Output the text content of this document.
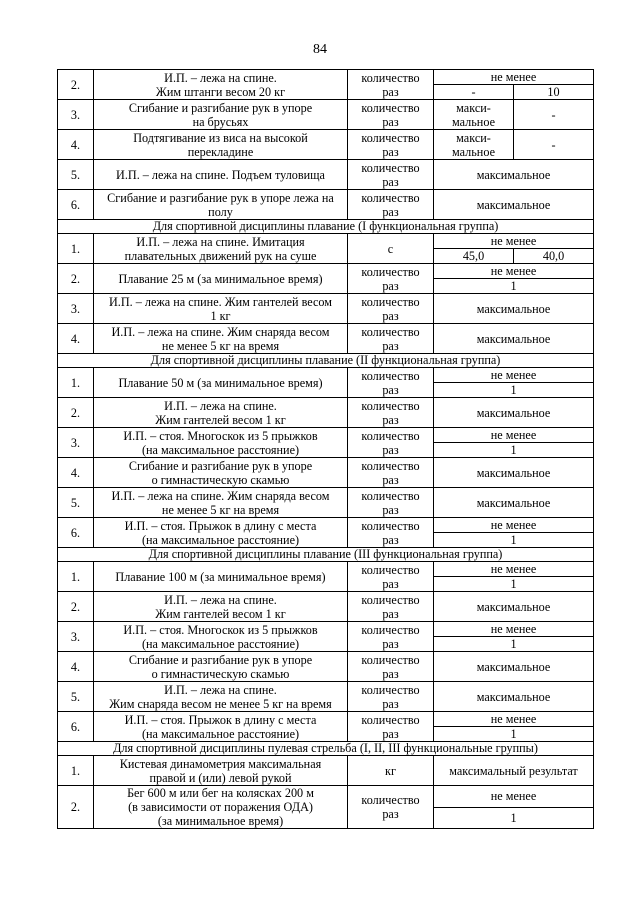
84
2.	И.П. – лежа на спине.
Жим штанги весом 20 кг	количество
раз	не менее	
			-	10
3.	Сгибание и разгибание рук в упоре
на брусьях	количество
раз	макси-
мальное	-

4.	Подтягивание из виса на высокой
перекладине	количество
раз	макси-
мальное	-

5.	И.П. – лежа на спине. Подъем туловища	количество
раз	максимальное	

6.	Сгибание и разгибание рук в упоре лежа на
полу	количество
раз	максимальное	

Для спортивной дисциплины плавание (I функциональная группа)				
1.	И.П. – лежа на спине. Имитация
плавательных движений рук на суше	с	не менее	
			45,0	40,0
2.	Плавание 25 м (за минимальное время)	количество
раз	не менее	
			1	
3.	И.П. – лежа на спине. Жим гантелей весом
1 кг	количество
раз	максимальное	

4.	И.П. – лежа на спине. Жим снаряда весом
не менее 5 кг на время	количество
раз	максимальное	

Для спортивной дисциплины плавание (II функциональная группа)				
1.	Плавание 50 м (за минимальное время)	количество
раз	не менее	
			1	
2.	И.П. – лежа на спине.
Жим гантелей весом 1 кг	количество
раз	максимальное	

3.	И.П. – стоя. Многоскок из 5 прыжков
(на максимальное расстояние)	количество
раз	не менее	
			1	
4.	Сгибание и разгибание рук в упоре
о гимнастическую скамью	количество
раз	максимальное	

5.	И.П. – лежа на спине. Жим снаряда весом
не менее 5 кг на время	количество
раз	максимальное	

6.	И.П. – стоя. Прыжок в длину с места
(на максимальное расстояние)	количество
раз	не менее	
			1	
Для спортивной дисциплины плавание (III функциональная группа)				
1.	Плавание 100 м (за минимальное время)	количество
раз	не менее	
			1	
2.	И.П. – лежа на спине.
Жим гантелей весом 1 кг	количество
раз	максимальное	

3.	И.П. – стоя. Многоскок из 5 прыжков
(на максимальное расстояние)	количество
раз	не менее	
			1	
4.	Сгибание и разгибание рук в упоре
о гимнастическую скамью	количество
раз	максимальное	

5.	И.П. – лежа на спине.
Жим снаряда весом не менее 5 кг на время	количество
раз	максимальное	

6.	И.П. – стоя. Прыжок в длину с места
(на максимальное расстояние)	количество
раз	не менее	
			1	
Для спортивной дисциплины пулевая стрельба (I, II, III функциональные группы)				
1.	Кистевая динамометрия максимальная
правой и (или) левой рукой	кг	максимальный результат	

2.	Бег 600 м или бег на колясках 200 м
(в зависимости от поражения ОДА)
(за минимальное время)	количество
раз	не менее	
			1	
